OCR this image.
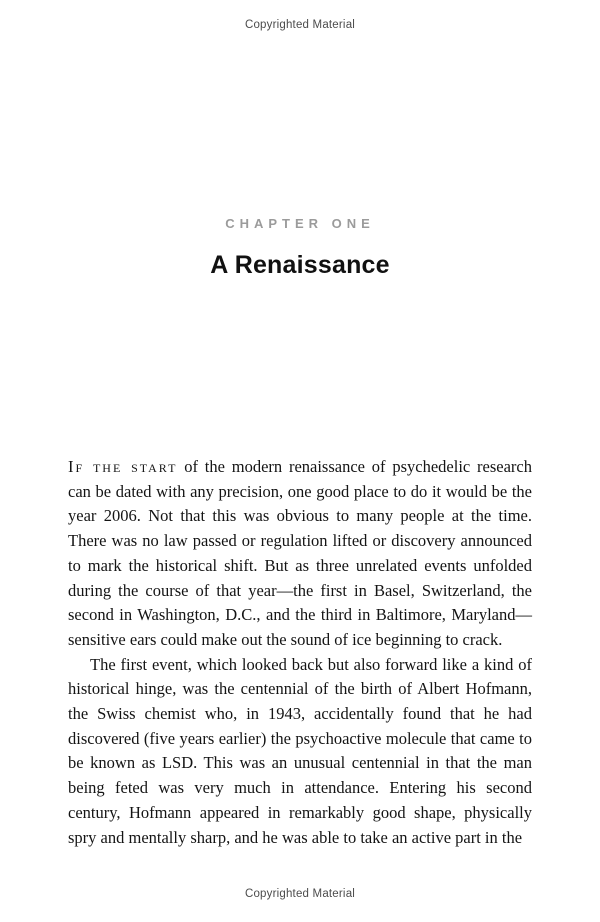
Copyrighted Material
CHAPTER ONE
A Renaissance

If the start of the modern renaissance of psychedelic research can be dated with any precision, one good place to do it would be the year 2006. Not that this was obvious to many people at the time. There was no law passed or regulation lifted or discovery announced to mark the historical shift. But as three unrelated events unfolded during the course of that year—the first in Basel, Switzerland, the second in Washington, D.C., and the third in Baltimore, Maryland—sensitive ears could make out the sound of ice beginning to crack.

The first event, which looked back but also forward like a kind of historical hinge, was the centennial of the birth of Albert Hofmann, the Swiss chemist who, in 1943, accidentally found that he had discovered (five years earlier) the psychoactive molecule that came to be known as LSD. This was an unusual centennial in that the man being feted was very much in attendance. Entering his second century, Hofmann appeared in remarkably good shape, physically spry and mentally sharp, and he was able to take an active part in the

Copyrighted Material
